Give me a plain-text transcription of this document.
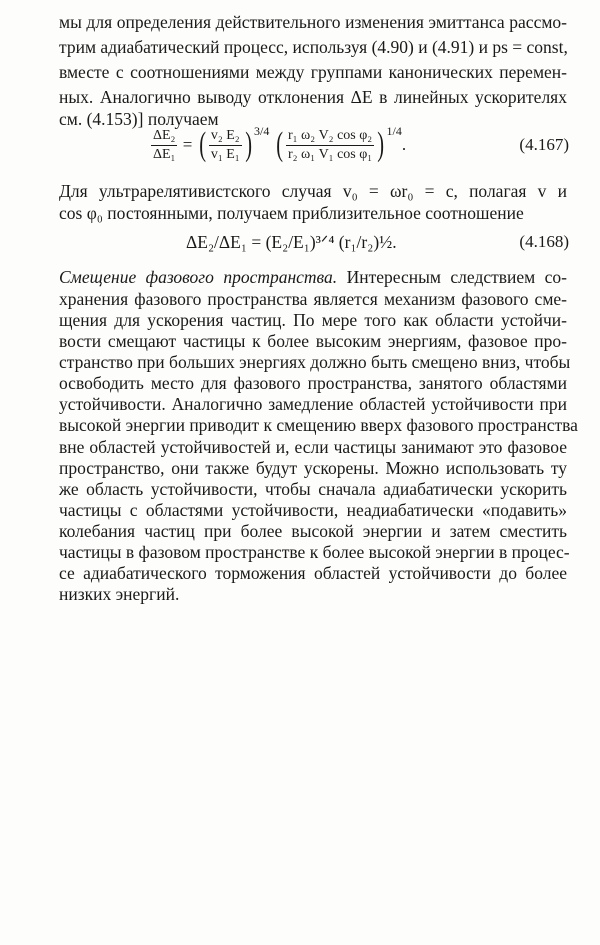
мы для определения действительного изменения эмиттанса рассмо-
трим адиабатический процесс, используя (4.90) и (4.91) и ps = const,
вместе с соотношениями между группами канонических перемен-
ных. Аналогично выводу отклонения ΔE в линейных ускорителях
см. (4.153)] получаем
$\frac{\text{ΔE₂}}{\text{ΔE₁}}$ = ( $\frac{\text{v₂ E₂}}{\text{v₁ E₁}}$ ) $^{3/4}$ ( $\frac{\text{r₁ ω₂ V₂ cos φ₂}}{\text{r₂ ω₁ V₁ cos φ₁}}$ ) $^{1/4}$.	(4.167)
Для ультрарелятивистского случая v₀ = ωr₀ = c, полагая v и
cos φ₀ постоянными, получаем приблизительное соотношение
ΔE₂/ΔE₁ = (E₂/E₁)³ᐟ⁴ (r₁/r₂)½.	(4.168)
Смещение фазового пространства. Интересным следствием со-
хранения фазового пространства является механизм фазового сме-
щения для ускорения частиц. По мере того как области устойчи-
вости смещают частицы к более высоким энергиям, фазовое про-
странство при больших энергиях должно быть смещено вниз, чтобы
освободить место для фазового пространства, занятого областями
устойчивости. Аналогично замедление областей устойчивости при
высокой энергии приводит к смещению вверх фазового пространства
вне областей устойчивостей и, если частицы занимают это фазовое
пространство, они также будут ускорены. Можно использовать ту
же область устойчивости, чтобы сначала адиабатически ускорить
частицы с областями устойчивости, неадиабатически «подавить»
колебания частиц при более высокой энергии и затем сместить
частицы в фазовом пространстве к более высокой энергии в процес-
се адиабатического торможения областей устойчивости до более
низких энергий.
